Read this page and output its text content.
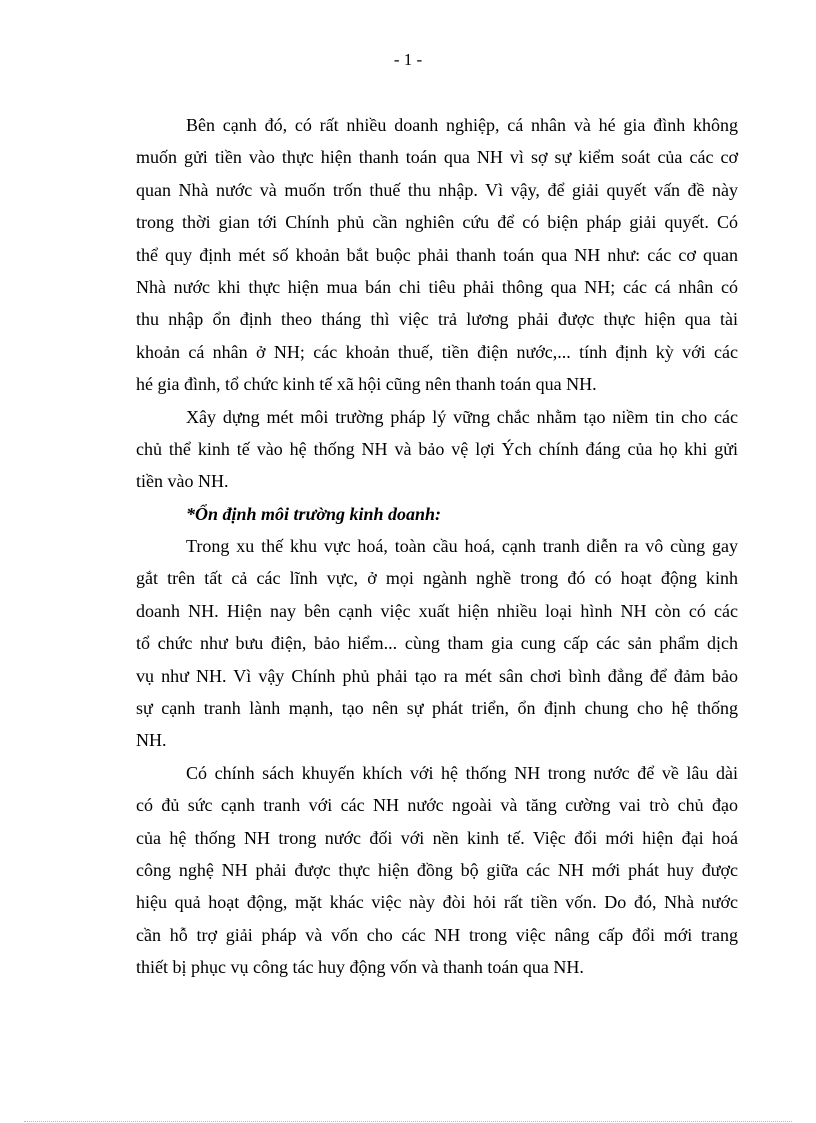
- 1 -
Bên cạnh đó, có rất nhiều doanh nghiệp, cá nhân và hé gia đình không
muốn gửi tiền vào thực hiện thanh toán qua NH vì sợ sự kiểm soát của các cơ
quan Nhà nước và muốn trốn thuế thu nhập. Vì vậy, để giải quyết vấn đề này
trong thời gian tới Chính phủ cần nghiên cứu để có biện pháp giải quyết. Có
thể quy định mét số khoản bắt buộc phải thanh toán qua NH như: các cơ quan
Nhà nước khi thực hiện mua bán chi tiêu phải thông qua NH; các cá nhân có
thu nhập ổn định theo tháng thì việc trả lương phải được thực hiện qua tài
khoản cá nhân ở NH; các khoản thuế, tiền điện nước,... tính định kỳ với các
hé gia đình, tổ chức kinh tế xã hội cũng nên thanh toán qua NH.
Xây dựng mét môi trường pháp lý vững chắc nhằm tạo niềm tin cho các
chủ thể kinh tế vào hệ thống NH và bảo vệ lợi Ých chính đáng của họ khi gửi
tiền vào NH.
*Ổn định môi trường kinh doanh:
Trong xu thế khu vực hoá, toàn cầu hoá, cạnh tranh diễn ra vô cùng gay
gắt trên tất cả các lĩnh vực, ở mọi ngành nghề trong đó có hoạt động kinh
doanh NH. Hiện nay bên cạnh việc xuất hiện nhiều loại hình NH còn có các
tổ chức như bưu điện, bảo hiểm... cùng tham gia cung cấp các sản phẩm dịch
vụ như NH. Vì vậy Chính phủ phải tạo ra mét sân chơi bình đẳng để đảm bảo
sự cạnh tranh lành mạnh, tạo nên sự phát triển, ổn định chung cho hệ thống
NH.
Có chính sách khuyến khích với hệ thống NH trong nước để về lâu dài
có đủ sức cạnh tranh với các NH nước ngoài và tăng cường vai trò chủ đạo
của hệ thống NH trong nước đối với nền kinh tế. Việc đổi mới hiện đại hoá
công nghệ NH phải được thực hiện đồng bộ giữa các NH mới phát huy được
hiệu quả hoạt động, mặt khác việc này đòi hỏi rất tiền vốn. Do đó, Nhà nước
cần hỗ trợ giải pháp và vốn cho các NH trong việc nâng cấp đổi mới trang
thiết bị phục vụ công tác huy động vốn và thanh toán qua NH.
